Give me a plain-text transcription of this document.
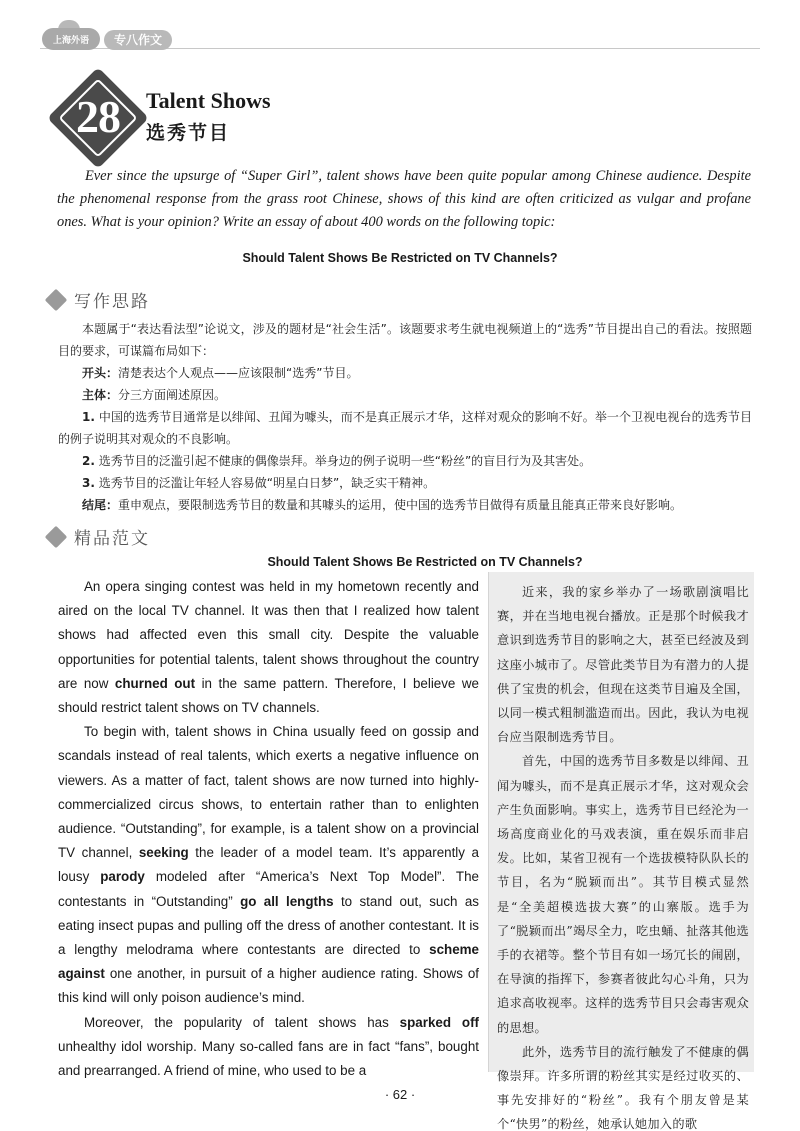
上海外语	专八作文
28	Talent Shows
选秀节目

Ever since the upsurge of “Super Girl”, talent shows have been quite popular among Chinese audience. Despite the phenomenal response from the grass root Chinese, shows of this kind are often criticized as vulgar and profane ones. What is your opinion? Write an essay of about 400 words on the following topic:

Should Talent Shows Be Restricted on TV Channels?
写作思路

本题属于“表达看法型”论说文，涉及的题材是“社会生活”。该题要求考生就电视频道上的“选秀”节目提出自己的看法。按照题目的要求，可谋篇布局如下：

开头：清楚表达个人观点——应该限制“选秀”节目。

主体：分三方面阐述原因。

1. 中国的选秀节目通常是以绯闻、丑闻为噱头，而不是真正展示才华，这样对观众的影响不好。举一个卫视电视台的选秀节目的例子说明其对观众的不良影响。

2. 选秀节目的泛滥引起不健康的偶像崇拜。举身边的例子说明一些“粉丝”的盲目行为及其害处。

3. 选秀节目的泛滥让年轻人容易做“明星白日梦”，缺乏实干精神。

结尾：重申观点，要限制选秀节目的数量和其噱头的运用，使中国的选秀节目做得有质量且能真正带来良好影响。

精品范文
Should Talent Shows Be Restricted on TV Channels?

An opera singing contest was held in my hometown recently and aired on the local TV channel. It was then that I realized how talent shows had affected even this small city. Despite the valuable opportunities for potential talents, talent shows throughout the country are now churned out in the same pattern. Therefore, I believe we should restrict talent shows on TV channels.

To begin with, talent shows in China usually feed on gossip and scandals instead of real talents, which exerts a negative influence on viewers. As a matter of fact, talent shows are now turned into highly-commercialized circus shows, to entertain rather than to enlighten audience. “Outstanding”, for example, is a talent show on a provincial TV channel, seeking the leader of a model team. It’s apparently a lousy parody modeled after “America’s Next Top Model”. The contestants in “Outstanding” go all lengths to stand out, such as eating insect pupas and pulling off the dress of another contestant. It is a lengthy melodrama where contestants are directed to scheme against one another, in pursuit of a higher audience rating. Shows of this kind will only poison audience’s mind.

Moreover, the popularity of talent shows has sparked off unhealthy idol worship. Many so-called fans are in fact “fans”, bought and prearranged. A friend of mine, who used to be a

近来，我的家乡举办了一场歌剧演唱比赛，并在当地电视台播放。正是那个时候我才意识到选秀节目的影响之大，甚至已经波及到这座小城市了。尽管此类节目为有潜力的人提供了宝贵的机会，但现在这类节目遍及全国，以同一模式粗制滥造而出。因此，我认为电视台应当限制选秀节目。

首先，中国的选秀节目多数是以绯闻、丑闻为噱头，而不是真正展示才华，这对观众会产生负面影响。事实上，选秀节目已经沦为一场高度商业化的马戏表演，重在娱乐而非启发。比如，某省卫视有一个选拔模特队队长的节目，名为“脱颖而出”。其节目模式显然是“全美超模选拔大赛”的山寨版。选手为了“脱颖而出”竭尽全力，吃虫蛹、扯落其他选手的衣裙等。整个节目有如一场冗长的闹剧，在导演的指挥下，参赛者彼此勾心斗角，只为追求高收视率。这样的选秀节目只会毒害观众的思想。

此外，选秀节目的流行触发了不健康的偶像崇拜。许多所谓的粉丝其实是经过收买的、事先安排好的“粉丝”。我有个朋友曾是某个“快男”的粉丝，她承认她加入的歌

· 62 ·
